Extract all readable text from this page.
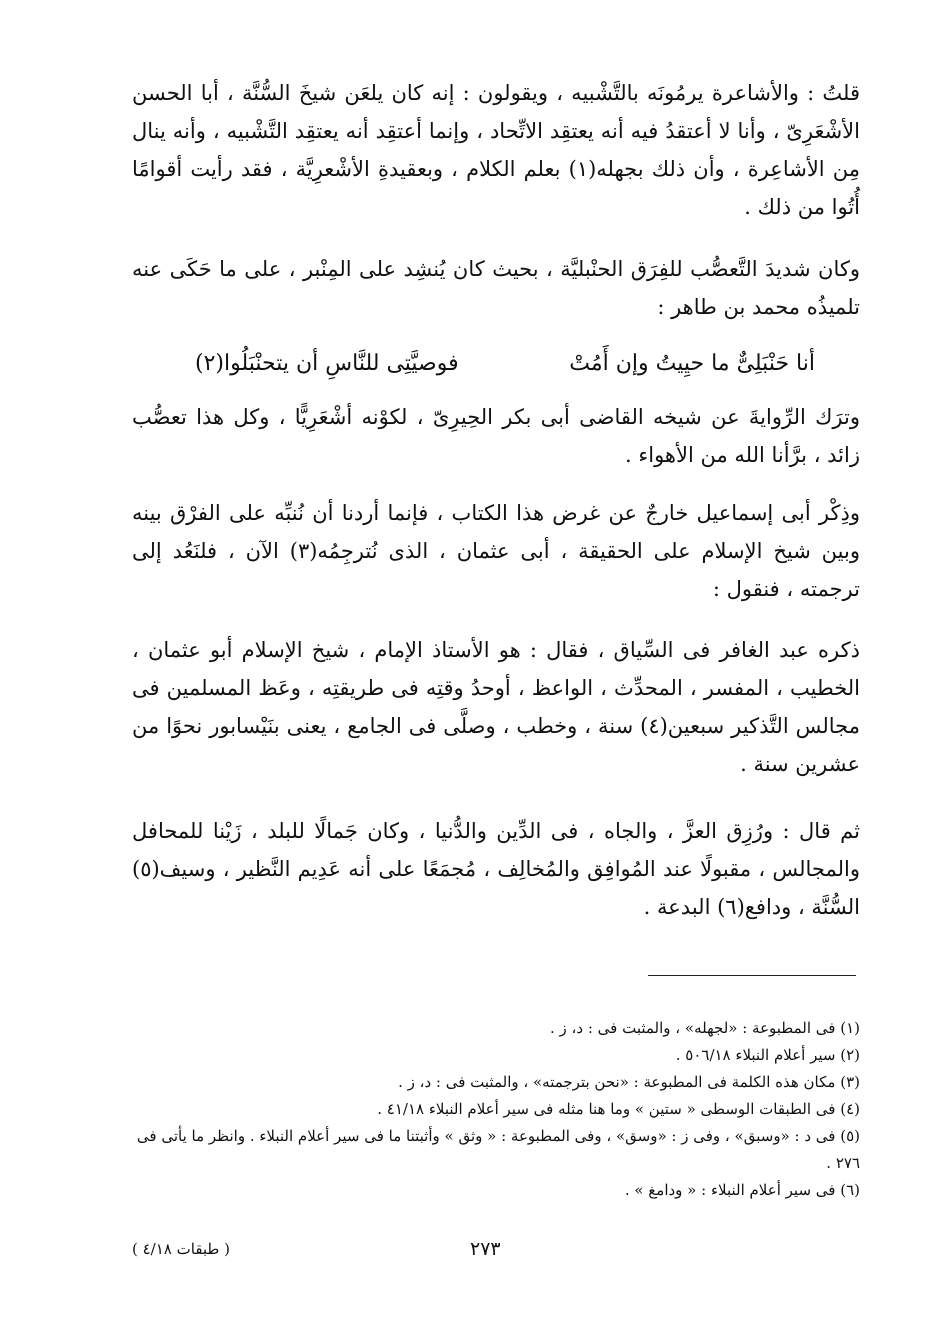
قلتُ : والأشاعرة يرمُونَه بالتَّشْبيه ، ويقولون : إنه كان يلعَن شيخَ السُّنَّة ، أبا الحسن الأشْعَرِىّ ، وأنا لا أعتقدُ فيه أنه يعتقِد الاتِّحاد ، وإنما أعتقِد أنه يعتقِد التَّشْبيه ، وأنه ينال مِن الأشاعِرة ، وأن ذلك بجهله(١) بعلم الكلام ، وبعقيدةِ الأشْعرِيَّة ، فقد رأيت أقوامًا أُتُوا من ذلك .

وكان شديدَ التَّعصُّب للفِرَق الحنْبليَّة ، بحيث كان يُنشِد على المِنْبر ، على ما حَكَى عنه تلميذُه محمد بن طاهر :

أنا حَنْبَلِىٌّ ما حيِيتُ وإن أَمُتْ
فوصيَّتِى للنَّاسِ أن يتحنْبَلُوا(٢)

وترَك الرِّوايةَ عن شيخه القاضى أبى بكر الحِيرِىّ ، لكوْنه أشْعَرِيًّا ، وكل هذا تعصُّب زائد ، برَّأنا الله من الأهواء .

وذِكْر أبى إسماعيل خارجٌ عن غرض هذا الكتاب ، فإنما أردنا أن نُنبِّه على الفرْق بينه وبين شيخ الإسلام على الحقيقة ، أبى عثمان ، الذى نُترجِمُه(٣) الآن ، فلنَعُد إلى ترجمته ، فنقول :

ذكره عبد الغافر فى السِّياق ، فقال : هو الأستاذ الإمام ، شيخ الإسلام أبو عثمان ، الخطيب ، المفسر ، المحدِّث ، الواعظ ، أوحدُ وقتِه فى طريقتِه ، وعَظ المسلمين فى مجالس التَّذكير سبعين(٤) سنة ، وخطب ، وصلَّى فى الجامع ، يعنى بنَيْسابور نحوًا من عشرين سنة .

ثم قال : ورُزِق العزَّ ، والجاه ، فى الدِّين والدُّنيا ، وكان جَمالًا للبلد ، زَيْنا للمحافل والمجالس ، مقبولًا عند المُوافِق والمُخالِف ، مُجمَعًا على أنه عَدِيم النَّظير ، وسيف(٥) السُّنَّة ، ودافع(٦) البدعة .

(١) فى المطبوعة : «لجهله» ، والمثبت فى : د، ز .

(٢) سير أعلام النبلاء ٥٠٦/١٨ .

(٣) مكان هذه الكلمة فى المطبوعة : «نحن بترجمته» ، والمثبت فى : د، ز .

(٤) فى الطبقات الوسطى « ستين » وما هنا مثله فى سير أعلام النبلاء ٤١/١٨ .

(٥) فى د : «وسبق» ، وفى ز : «وسق» ، وفى المطبوعة : « وثق » وأثبتنا ما فى سير أعلام النبلاء . وانظر ما يأتى فى ٢٧٦ .

(٦) فى سير أعلام النبلاء : « ودامغ » .

٢٧٣
( طبقات ٤/١٨ )
